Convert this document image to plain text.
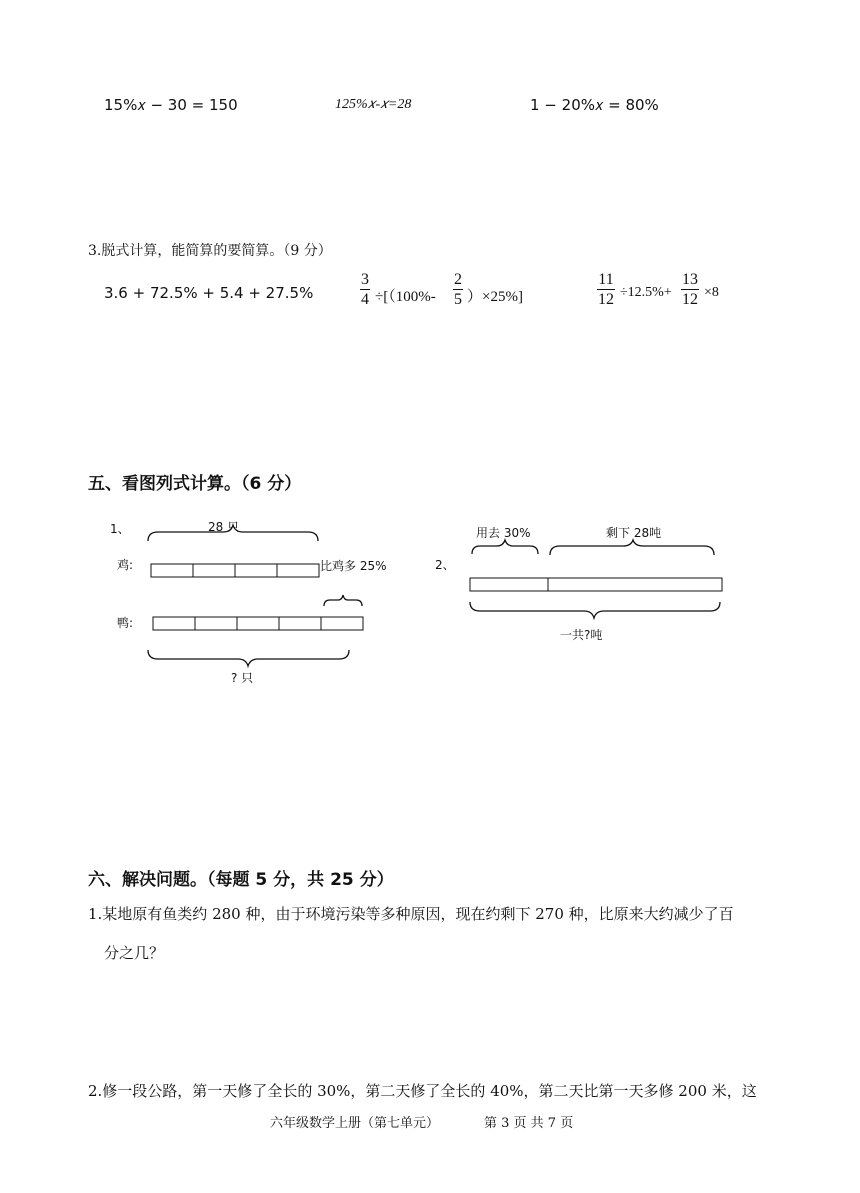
15%𝑥 − 30 = 150	125%𝑥-𝑥=28	1 − 20%𝑥 = 80%
3.脱式计算，能简算的要简算。（9 分）
3.6 + 72.5% + 5.4 + 27.5%
3
4 ÷[（100%-
2
5 ）×25%]
11
12 ÷12.5%+
13
12 ×8
五、看图列式计算。（6 分）
1、	28 只
鸡:	比鸡多 25%
鸭:
? 只
2、
用去 30%	剩下 28吨
一共?吨
六、解决问题。（每题 5 分，共 25 分）
1.某地原有鱼类约 280 种，由于环境污染等多种原因，现在约剩下 270 种，比原来大约减少了百
分之几？
2.修一段公路，第一天修了全长的 30%，第二天修了全长的 40%，第二天比第一天多修 200 米，这
六年级数学上册（第七单元）	第 3 页 共 7 页
